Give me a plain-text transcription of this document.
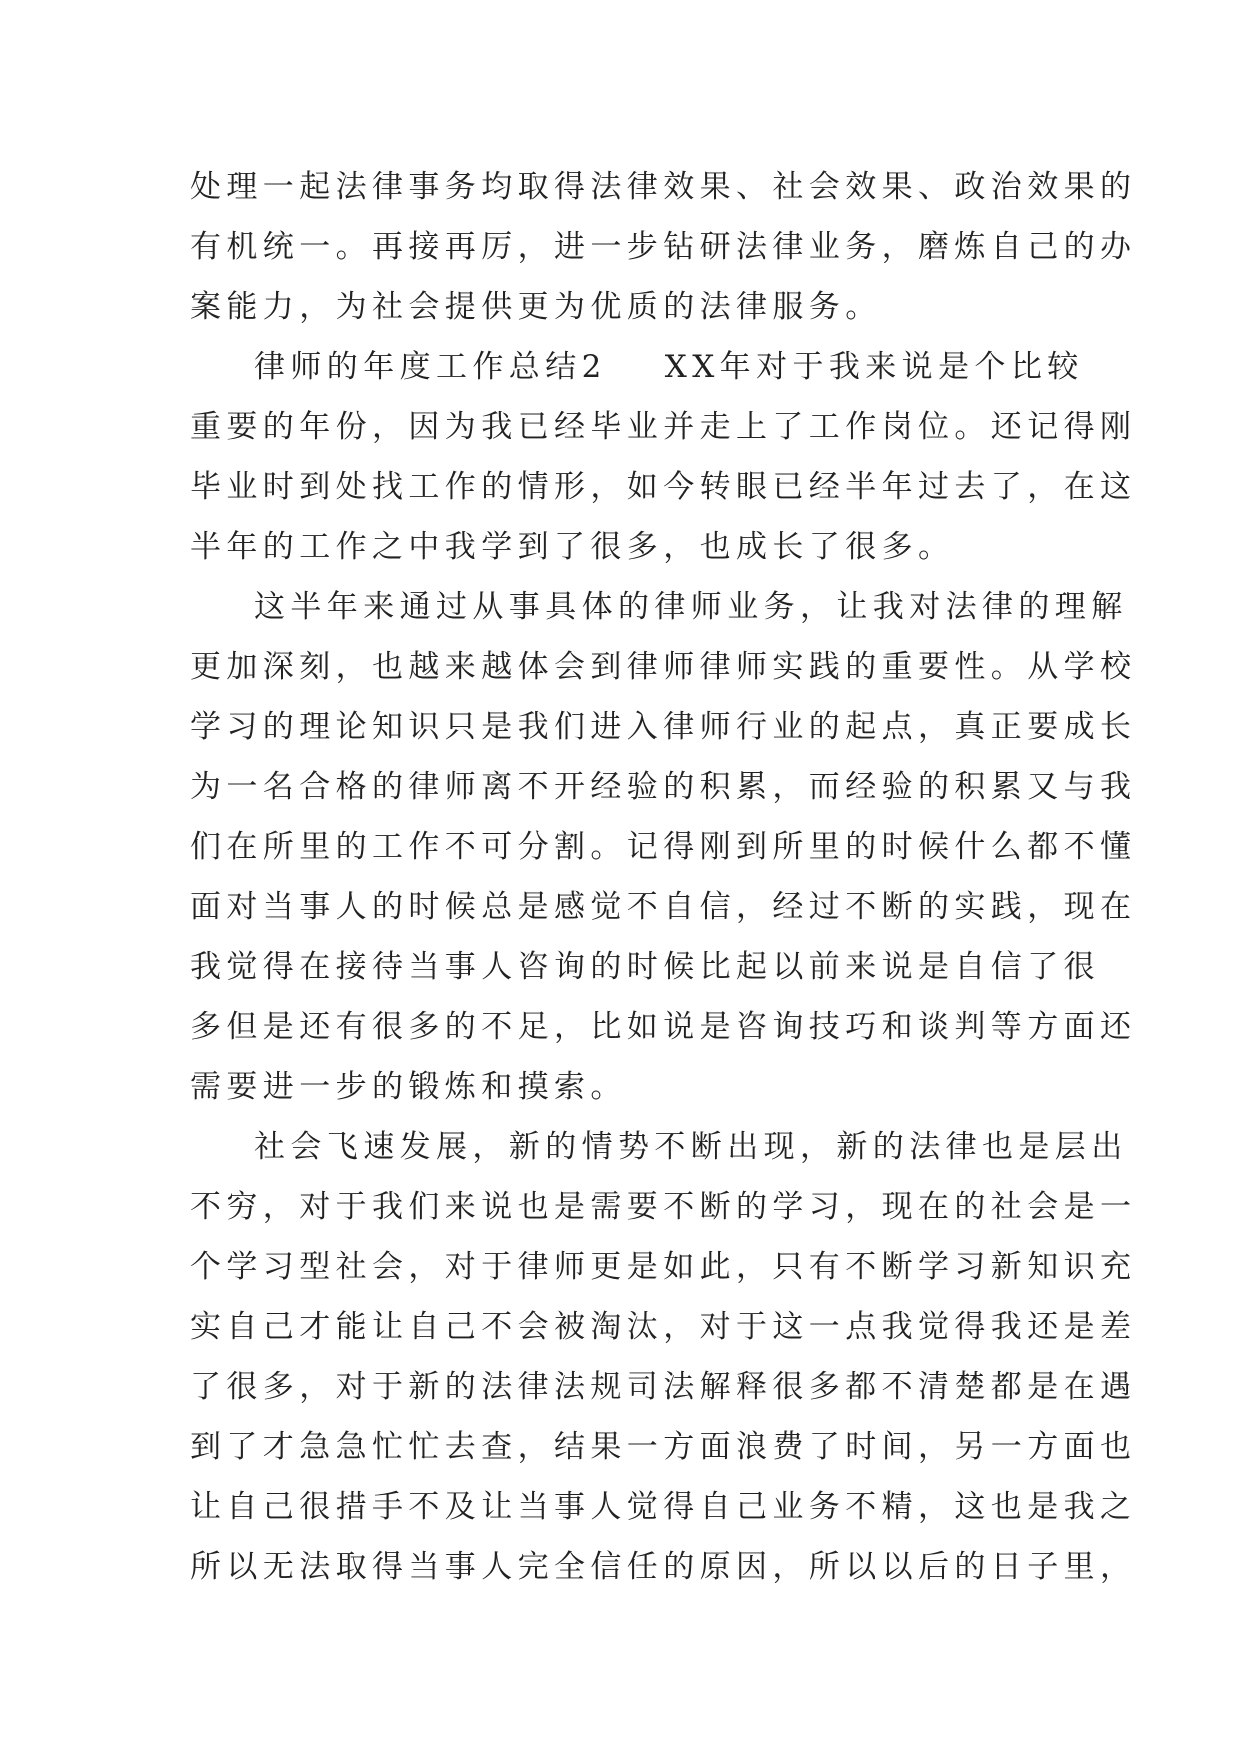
处理一起法律事务均取得法律效果、社会效果、政治效果的
有机统一。再接再厉，进一步钻研法律业务，磨炼自己的办
案能力，为社会提供更为优质的法律服务。
律师的年度工作总结2 XX年对于我来说是个比较
重要的年份，因为我已经毕业并走上了工作岗位。还记得刚
毕业时到处找工作的情形，如今转眼已经半年过去了，在这
半年的工作之中我学到了很多，也成长了很多。
这半年来通过从事具体的律师业务，让我对法律的理解
更加深刻，也越来越体会到律师律师实践的重要性。从学校
学习的理论知识只是我们进入律师行业的起点，真正要成长
为一名合格的律师离不开经验的积累，而经验的积累又与我
们在所里的工作不可分割。记得刚到所里的时候什么都不懂
面对当事人的时候总是感觉不自信，经过不断的实践，现在
我觉得在接待当事人咨询的时候比起以前来说是自信了很
多但是还有很多的不足，比如说是咨询技巧和谈判等方面还
需要进一步的锻炼和摸索。
社会飞速发展，新的情势不断出现，新的法律也是层出
不穷，对于我们来说也是需要不断的学习，现在的社会是一
个学习型社会，对于律师更是如此，只有不断学习新知识充
实自己才能让自己不会被淘汰，对于这一点我觉得我还是差
了很多，对于新的法律法规司法解释很多都不清楚都是在遇
到了才急急忙忙去查，结果一方面浪费了时间，另一方面也
让自己很措手不及让当事人觉得自己业务不精，这也是我之
所以无法取得当事人完全信任的原因，所以以后的日子里，
